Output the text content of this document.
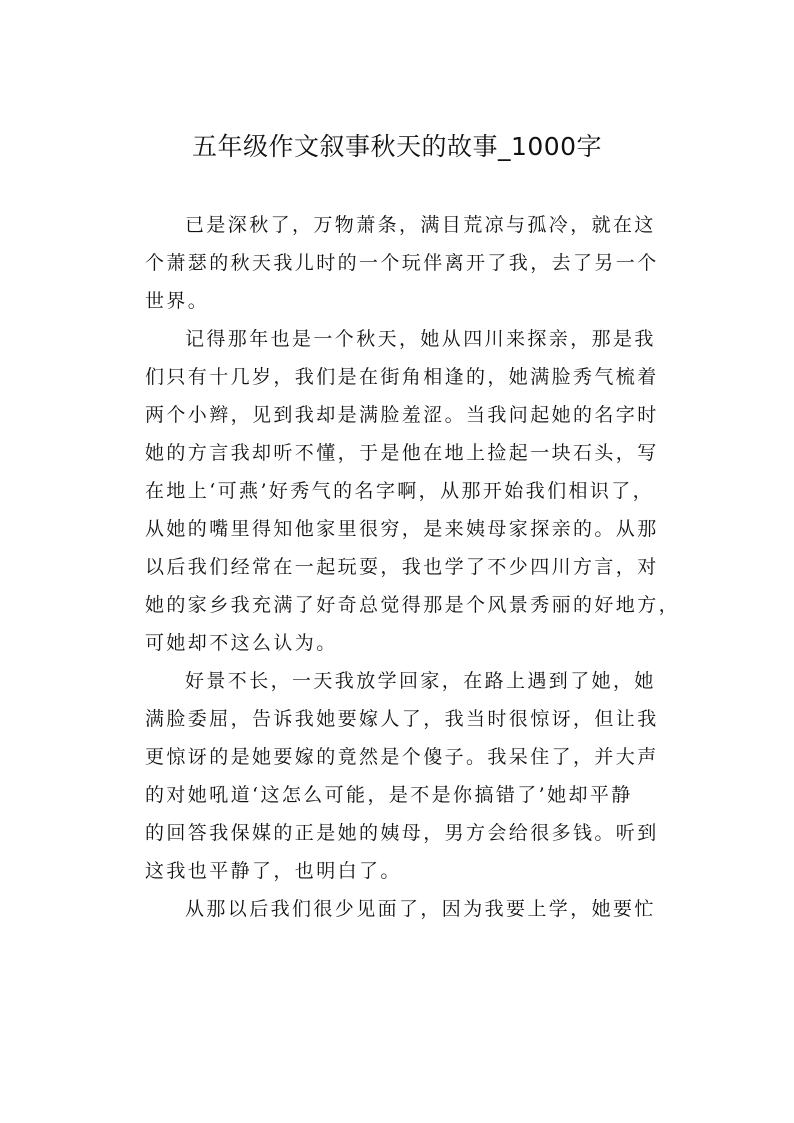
五年级作文叙事秋天的故事_1000字

已是深秋了，万物萧条，满目荒凉与孤冷，就在这
个萧瑟的秋天我儿时的一个玩伴离开了我，去了另一个
世界。

记得那年也是一个秋天，她从四川来探亲，那是我
们只有十几岁，我们是在街角相逢的，她满脸秀气梳着
两个小辫，见到我却是满脸羞涩。当我问起她的名字时
她的方言我却听不懂，于是他在地上捡起一块石头，写
在地上‘可燕’好秀气的名字啊，从那开始我们相识了，
从她的嘴里得知他家里很穷，是来姨母家探亲的。从那
以后我们经常在一起玩耍，我也学了不少四川方言，对
她的家乡我充满了好奇总觉得那是个风景秀丽的好地方，
可她却不这么认为。

好景不长，一天我放学回家，在路上遇到了她，她
满脸委屈，告诉我她要嫁人了，我当时很惊讶，但让我
更惊讶的是她要嫁的竟然是个傻子。我呆住了，并大声
的对她吼道‘这怎么可能，是不是你搞错了’她却平静
的回答我保媒的正是她的姨母，男方会给很多钱。听到
这我也平静了，也明白了。

从那以后我们很少见面了，因为我要上学，她要忙
